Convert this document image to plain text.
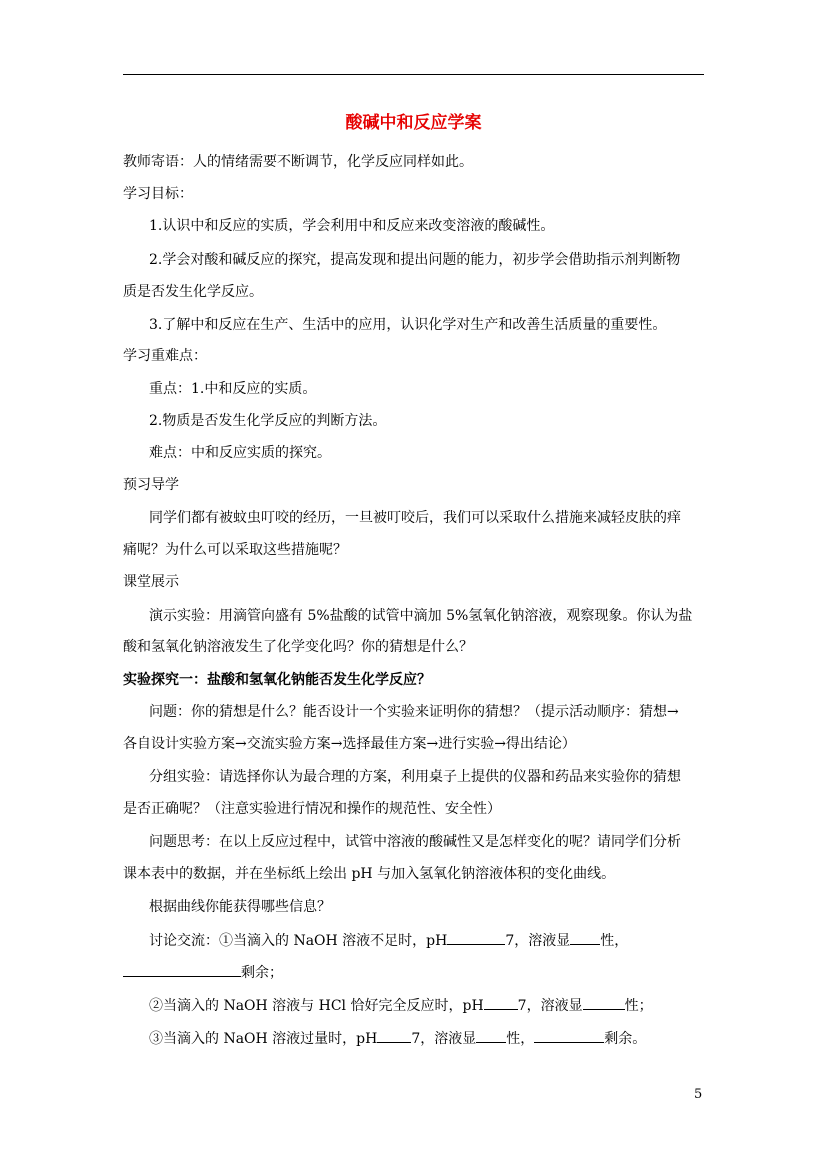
酸碱中和反应学案
教师寄语：人的情绪需要不断调节，化学反应同样如此。
学习目标：
1.认识中和反应的实质，学会利用中和反应来改变溶液的酸碱性。
2.学会对酸和碱反应的探究，提高发现和提出问题的能力，初步学会借助指示剂判断物
质是否发生化学反应。
3.了解中和反应在生产、生活中的应用，认识化学对生产和改善生活质量的重要性。
学习重难点：
重点：1.中和反应的实质。
2.物质是否发生化学反应的判断方法。
难点：中和反应实质的探究。
预习导学
同学们都有被蚊虫叮咬的经历，一旦被叮咬后，我们可以采取什么措施来减轻皮肤的痒
痛呢？为什么可以采取这些措施呢？
课堂展示
演示实验：用滴管向盛有 5%盐酸的试管中滴加 5%氢氧化钠溶液，观察现象。你认为盐
酸和氢氧化钠溶液发生了化学变化吗？你的猜想是什么？
实验探究一：盐酸和氢氧化钠能否发生化学反应？
问题：你的猜想是什么？能否设计一个实验来证明你的猜想？（提示活动顺序：猜想→
各自设计实验方案→交流实验方案→选择最佳方案→进行实验→得出结论）
分组实验：请选择你认为最合理的方案，利用桌子上提供的仪器和药品来实验你的猜想
是否正确呢？（注意实验进行情况和操作的规范性、安全性）
问题思考：在以上反应过程中，试管中溶液的酸碱性又是怎样变化的呢？请同学们分析
课本表中的数据，并在坐标纸上绘出 pH 与加入氢氧化钠溶液体积的变化曲线。
根据曲线你能获得哪些信息？
讨论交流：①当滴入的 NaOH 溶液不足时，pH	7，溶液显 性，
剩余；
②当滴入的 NaOH 溶液与 HCl 恰好完全反应时，pH 7，溶液显	性；
③当滴入的 NaOH 溶液过量时，pH 7，溶液显 性，	剩余。
5
